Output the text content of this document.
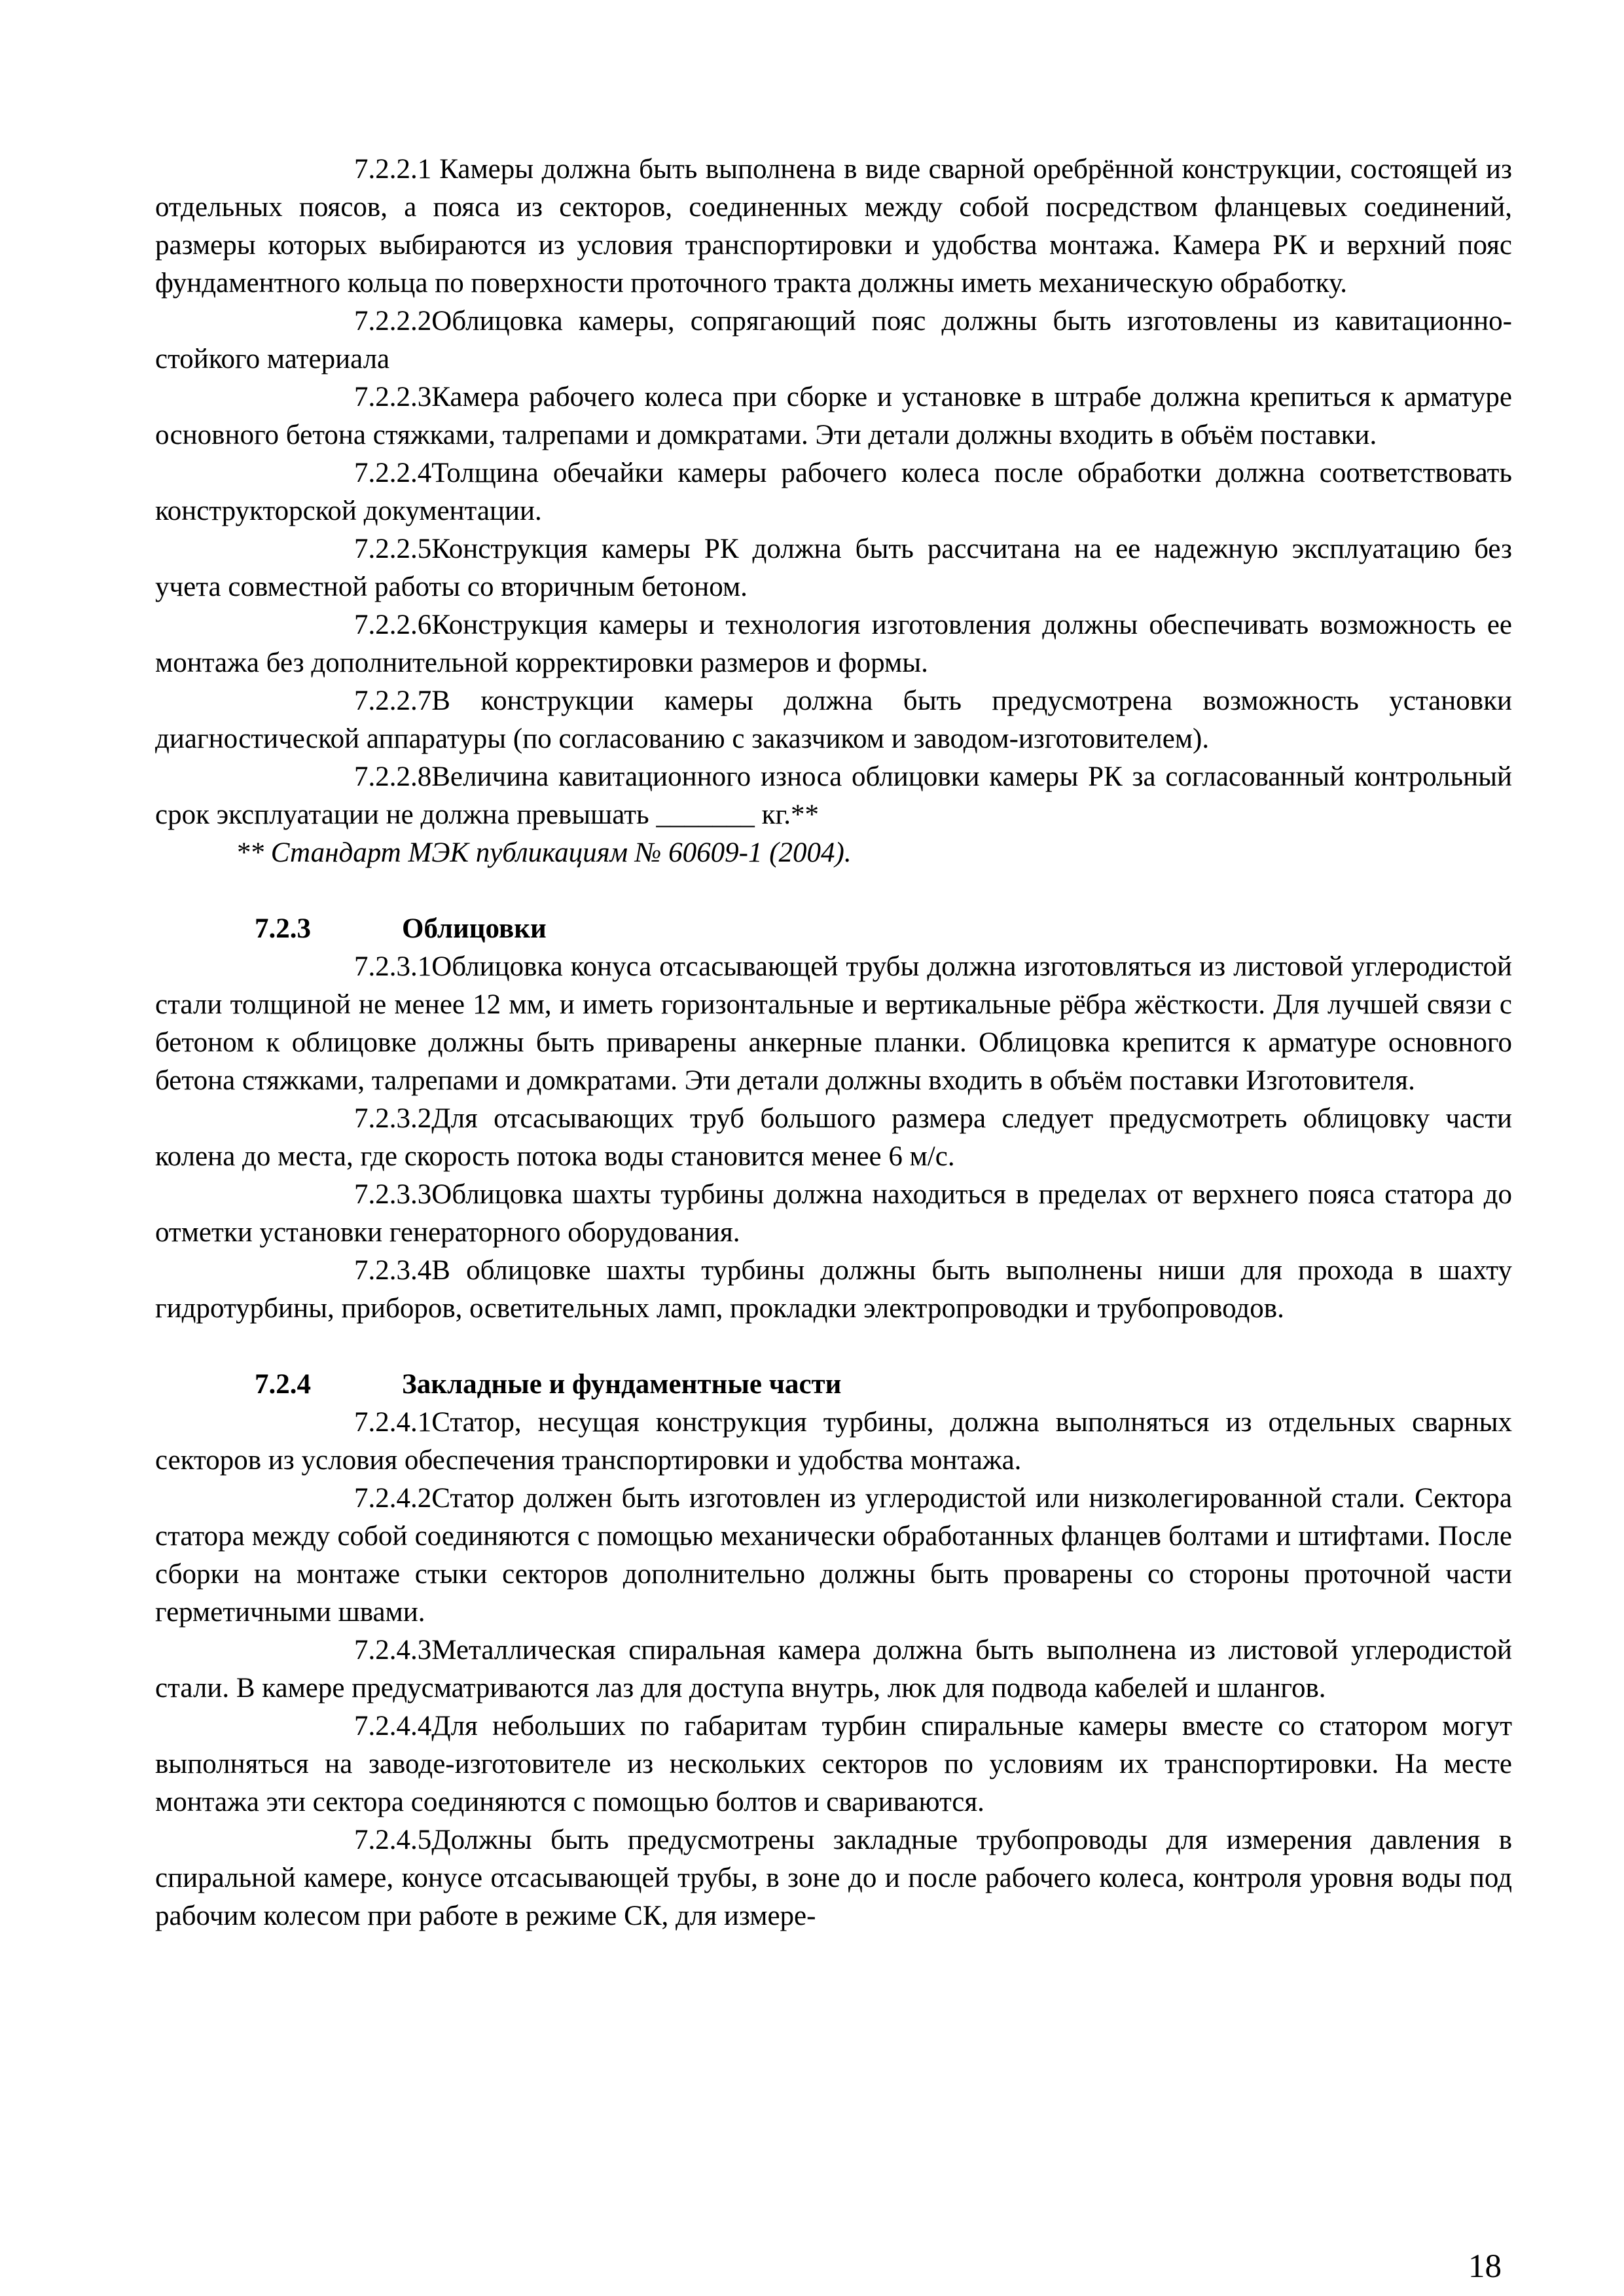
7.2.2.1 Камеры должна быть выполнена в виде сварной оребрённой конструкции, состоящей из отдельных поясов, а пояса из секторов, соединенных между собой посредством фланцевых соединений, размеры которых выбираются из условия транспортировки и удобства монтажа. Камера РК и верхний пояс фундаментного кольца по поверхности проточного тракта должны иметь механическую обработку.

7.2.2.2Облицовка камеры, сопрягающий пояс должны быть изготовлены из кавитационно-стойкого материала

7.2.2.3Камера рабочего колеса при сборке и установке в штрабе должна крепиться к арматуре основного бетона стяжками, талрепами и домкратами. Эти детали должны входить в объём поставки.

7.2.2.4Толщина обечайки камеры рабочего колеса после обработки должна соответствовать конструкторской документации.

7.2.2.5Конструкция камеры РК должна быть рассчитана на ее надежную эксплуатацию без учета совместной работы со вторичным бетоном.

7.2.2.6Конструкция камеры и технология изготовления должны обеспечивать возможность ее монтажа без дополнительной корректировки размеров и формы.

7.2.2.7В конструкции камеры должна быть предусмотрена возможность установки диагностической аппаратуры (по согласованию с заказчиком и заводом-изготовителем).

7.2.2.8Величина кавитационного износа облицовки камеры РК за согласованный контрольный срок эксплуатации не должна превышать _______ кг.**

** Стандарт МЭК публикациям № 60609-1 (2004).

7.2.3	Облицовки

7.2.3.1Облицовка конуса отсасывающей трубы должна изготовляться из листовой углеродистой стали толщиной не менее 12 мм, и иметь горизонтальные и вертикальные рёбра жёсткости. Для лучшей связи с бетоном к облицовке должны быть приварены анкерные планки. Облицовка крепится к арматуре основного бетона стяжками, талрепами и домкратами. Эти детали должны входить в объём поставки Изготовителя.

7.2.3.2Для отсасывающих труб большого размера следует предусмотреть облицовку части колена до места, где скорость потока воды становится менее 6 м/с.

7.2.3.3Облицовка шахты турбины должна находиться в пределах от верхнего пояса статора до отметки установки генераторного оборудования.

7.2.3.4В облицовке шахты турбины должны быть выполнены ниши для прохода в шахту гидротурбины, приборов, осветительных ламп, прокладки электропроводки и трубопроводов.

7.2.4	Закладные и фундаментные части

7.2.4.1Статор, несущая конструкция турбины, должна выполняться из отдельных сварных секторов из условия обеспечения транспортировки и удобства монтажа.

7.2.4.2Статор должен быть изготовлен из углеродистой или низколегированной стали. Сектора статора между собой соединяются с помощью механически обработанных фланцев болтами и штифтами. После сборки на монтаже стыки секторов дополнительно должны быть проварены со стороны проточной части герметичными швами.

7.2.4.3Металлическая спиральная камера должна быть выполнена из листовой углеродистой стали. В камере предусматриваются лаз для доступа внутрь, люк для подвода кабелей и шлангов.

7.2.4.4Для небольших по габаритам турбин спиральные камеры вместе со статором могут выполняться на заводе-изготовителе из нескольких секторов по условиям их транспортировки. На месте монтажа эти сектора соединяются с помощью болтов и свариваются.

7.2.4.5Должны быть предусмотрены закладные трубопроводы для измерения давления в спиральной камере, конусе отсасывающей трубы, в зоне до и после рабочего колеса, контроля уровня воды под рабочим колесом при работе в режиме СК, для измере-

18
